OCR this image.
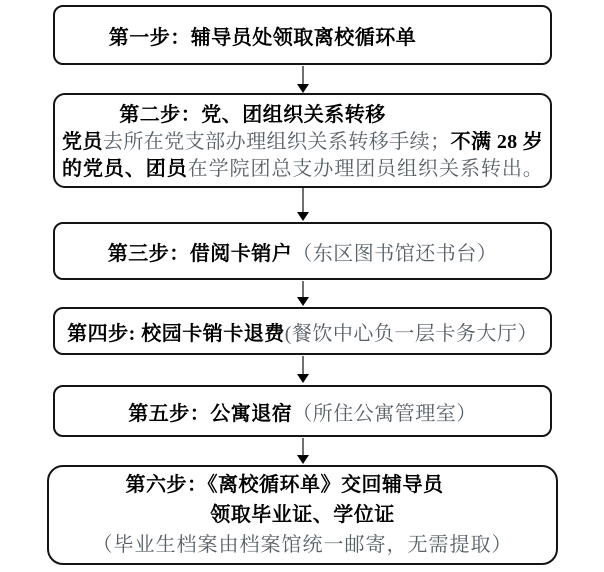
第一步：辅导员处领取离校循环单
第二步：党、团组织关系转移
党员去所在党支部办理组织关系转移手续；不满 28 岁
的党员、团员在学院团总支办理团员组织关系转出。
第三步：借阅卡销户（东区图书馆还书台）
第四步: 校园卡销卡退费(餐饮中心负一层卡务大厅）
第五步：公寓退宿（所住公寓管理室）
第六步：《离校循环单》交回辅导员
领取毕业证、学位证
（毕业生档案由档案馆统一邮寄，无需提取）
